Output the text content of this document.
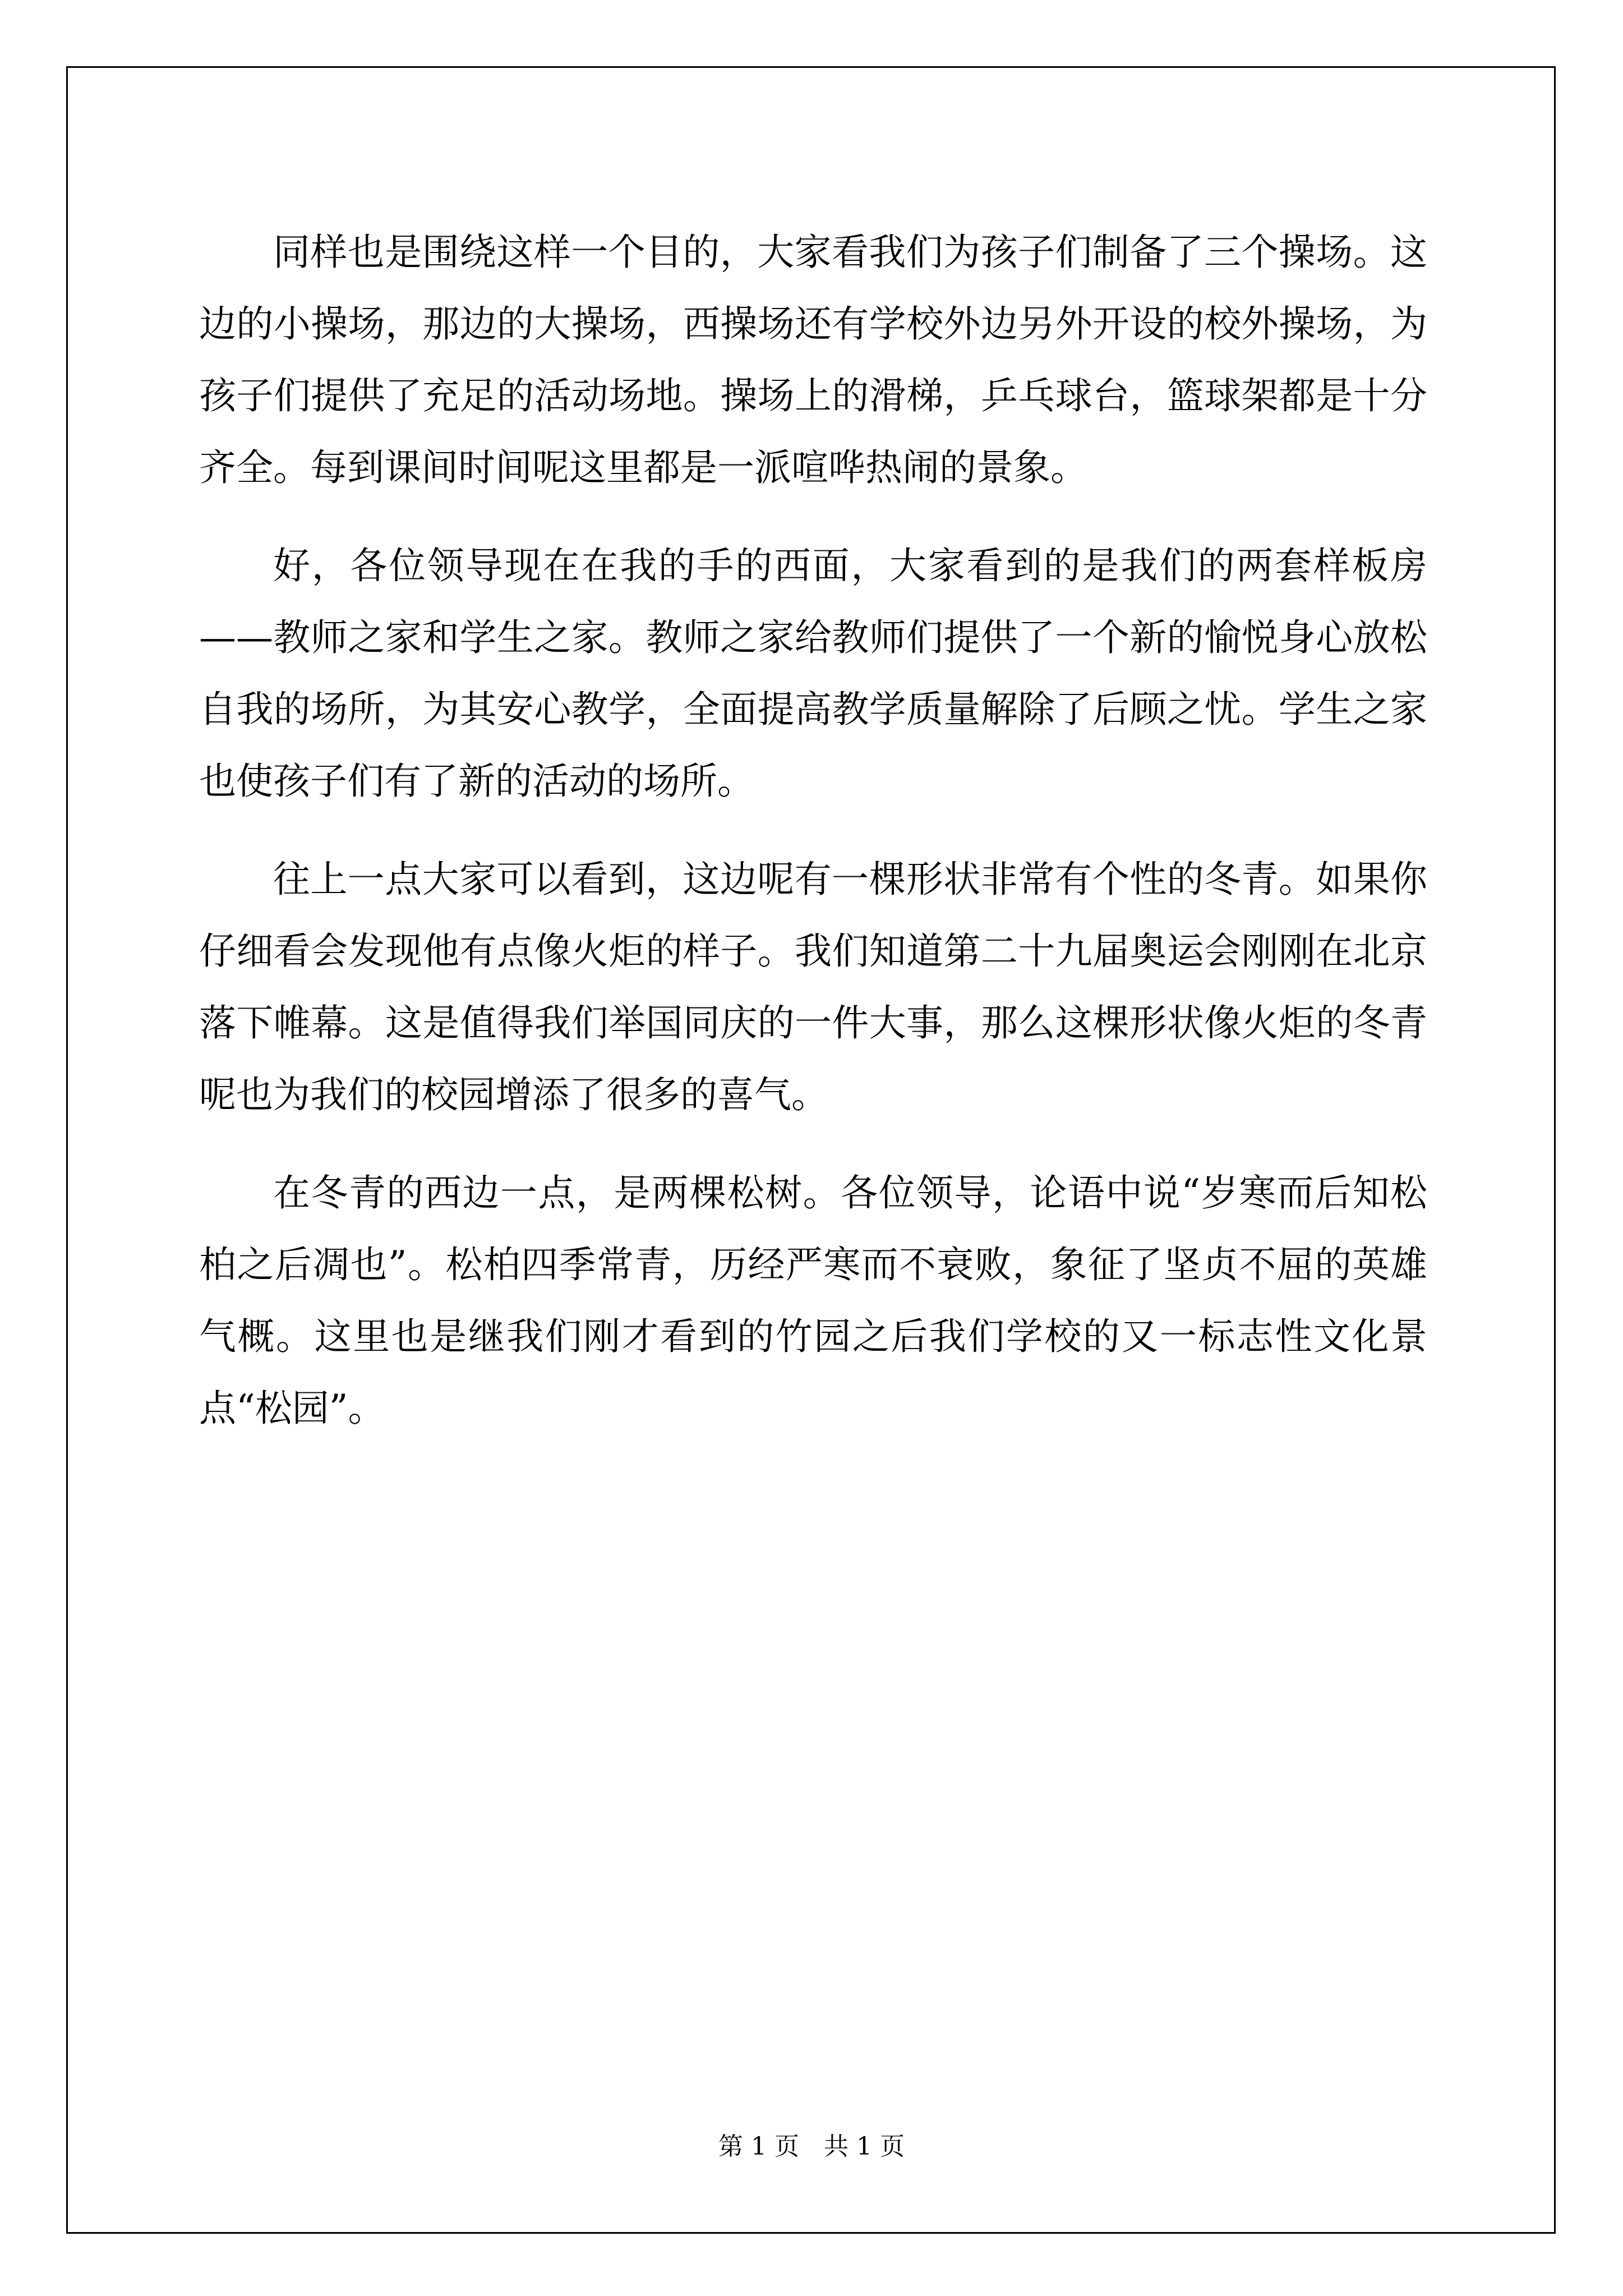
同样也是围绕这样一个目的，大家看我们为孩子们制备了三个操场。这边的小操场，那边的大操场，西操场还有学校外边另外开设的校外操场，为孩子们提供了充足的活动场地。操场上的滑梯，乒乓球台，篮球架都是十分齐全。每到课间时间呢这里都是一派喧哗热闹的景象。

好，各位领导现在在我的手的西面，大家看到的是我们的两套样板房——教师之家和学生之家。教师之家给教师们提供了一个新的愉悦身心放松自我的场所，为其安心教学，全面提高教学质量解除了后顾之忧。学生之家也使孩子们有了新的活动的场所。

往上一点大家可以看到，这边呢有一棵形状非常有个性的冬青。如果你仔细看会发现他有点像火炬的样子。我们知道第二十九届奥运会刚刚在北京落下帷幕。这是值得我们举国同庆的一件大事，那么这棵形状像火炬的冬青呢也为我们的校园增添了很多的喜气。

在冬青的西边一点，是两棵松树。各位领导，论语中说“岁寒而后知松柏之后凋也”。松柏四季常青，历经严寒而不衰败，象征了坚贞不屈的英雄气概。这里也是继我们刚才看到的竹园之后我们学校的又一标志性文化景点“松园”。

第 1 页　共 1 页
